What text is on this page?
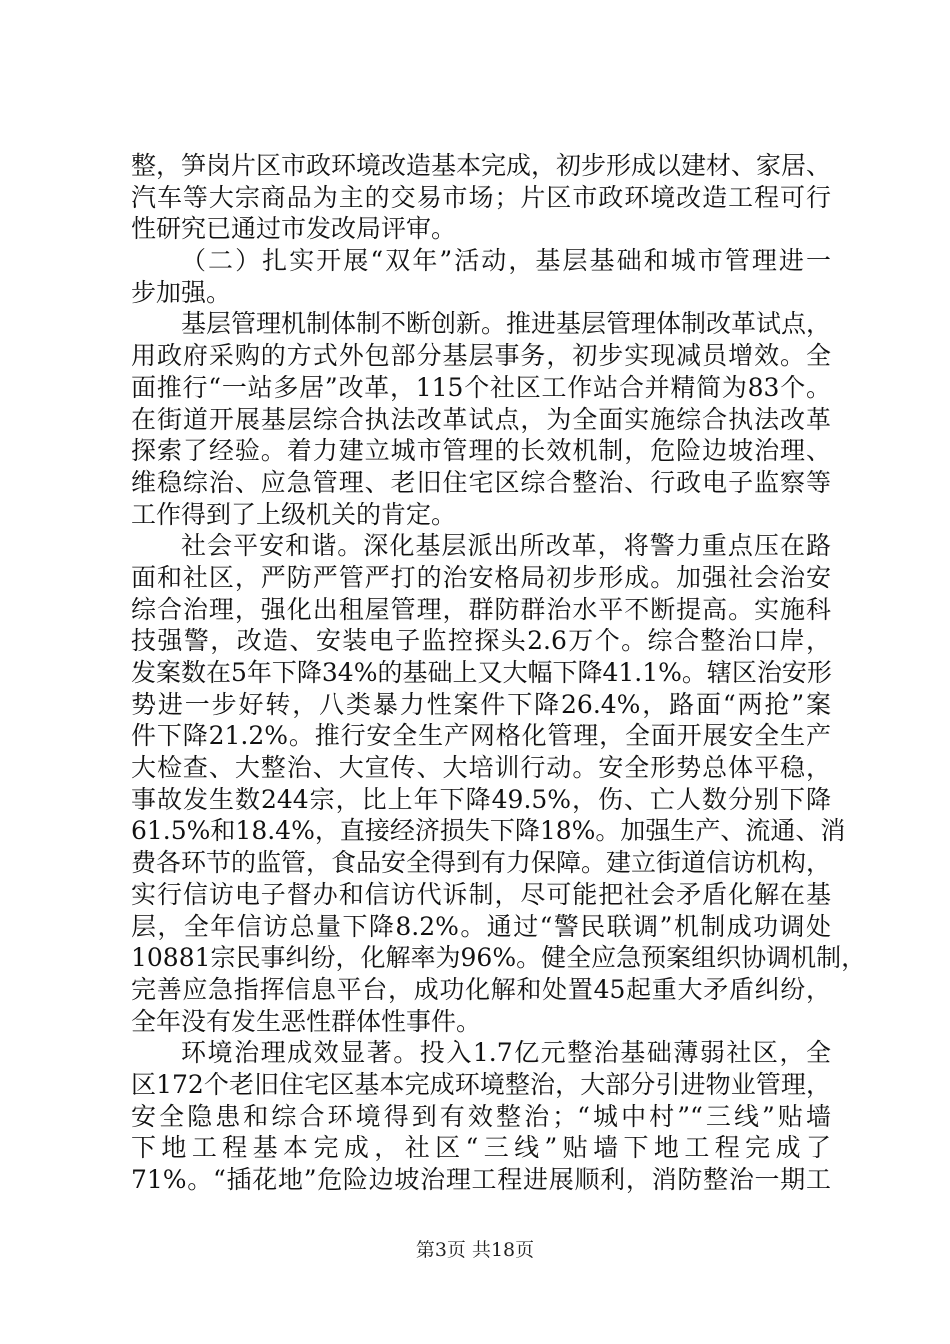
整，笋岗片区市政环境改造基本完成，初步形成以建材、家居、
汽车等大宗商品为主的交易市场；片区市政环境改造工程可行
性研究已通过市发改局评审。
（二）扎实开展“双年”活动，基层基础和城市管理进一
步加强。
基层管理机制体制不断创新。推进基层管理体制改革试点，
用政府采购的方式外包部分基层事务，初步实现减员增效。全
面推行“一站多居”改革，115个社区工作站合并精简为83个。
在街道开展基层综合执法改革试点，为全面实施综合执法改革
探索了经验。着力建立城市管理的长效机制，危险边坡治理、
维稳综治、应急管理、老旧住宅区综合整治、行政电子监察等
工作得到了上级机关的肯定。
社会平安和谐。深化基层派出所改革，将警力重点压在路
面和社区，严防严管严打的治安格局初步形成。加强社会治安
综合治理，强化出租屋管理，群防群治水平不断提高。实施科
技强警，改造、安装电子监控探头2.6万个。综合整治口岸，
发案数在5年下降34%的基础上又大幅下降41.1%。辖区治安形
势进一步好转，八类暴力性案件下降26.4%，路面“两抢”案
件下降21.2%。推行安全生产网格化管理，全面开展安全生产
大检查、大整治、大宣传、大培训行动。安全形势总体平稳，
事故发生数244宗，比上年下降49.5%，伤、亡人数分别下降
61.5%和18.4%，直接经济损失下降18%。加强生产、流通、消
费各环节的监管，食品安全得到有力保障。建立街道信访机构，
实行信访电子督办和信访代诉制，尽可能把社会矛盾化解在基
层，全年信访总量下降8.2%。通过“警民联调”机制成功调处
10881宗民事纠纷，化解率为96%。健全应急预案组织协调机制，
完善应急指挥信息平台，成功化解和处置45起重大矛盾纠纷，
全年没有发生恶性群体性事件。
环境治理成效显著。投入1.7亿元整治基础薄弱社区，全
区172个老旧住宅区基本完成环境整治，大部分引进物业管理，
安全隐患和综合环境得到有效整治；“城中村”“三线”贴墙
下地工程基本完成，社区“三线”贴墙下地工程完成了
71%。“插花地”危险边坡治理工程进展顺利，消防整治一期工
第3页 共18页
